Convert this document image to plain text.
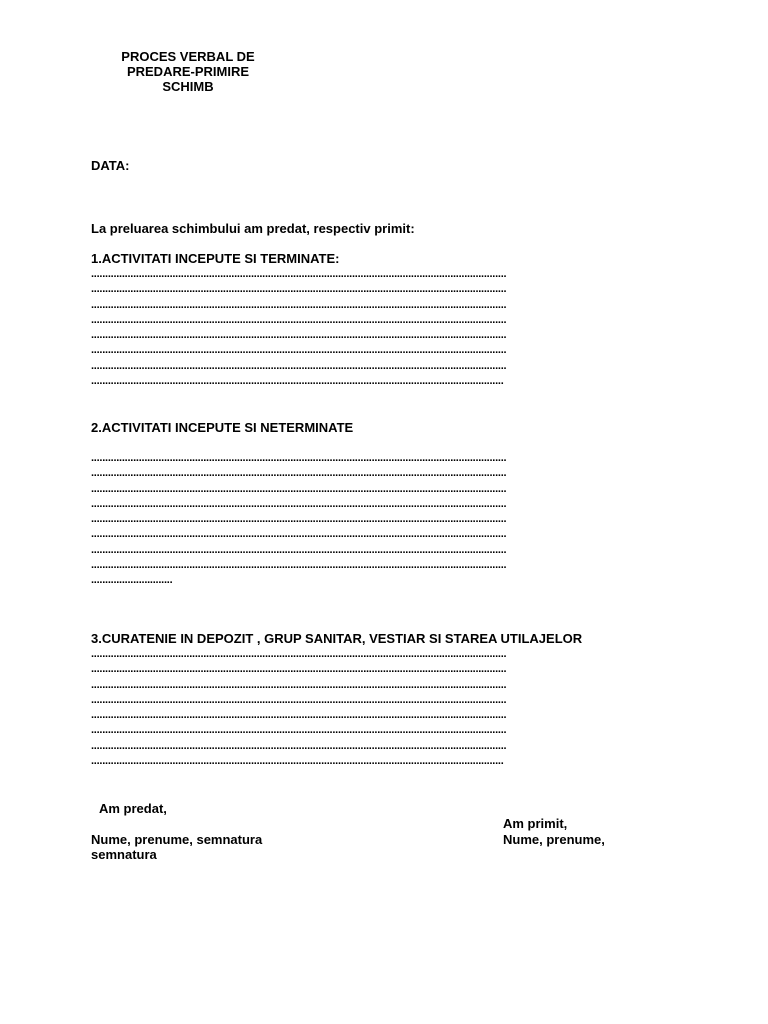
PROCES VERBAL DE
PREDARE-PRIMIRE
SCHIMB
DATA:
La preluarea schimbului am predat, respectiv primit:
1.ACTIVITATI INCEPUTE SI TERMINATE:
....................................................................................................................................................
....................................................................................................................................................
....................................................................................................................................................
....................................................................................................................................................
....................................................................................................................................................
....................................................................................................................................................
....................................................................................................................................................
...................................................................................................................................................
2.ACTIVITATI INCEPUTE SI NETERMINATE
....................................................................................................................................................
....................................................................................................................................................
....................................................................................................................................................
....................................................................................................................................................
....................................................................................................................................................
....................................................................................................................................................
....................................................................................................................................................
....................................................................................................................................................
.............................
3.CURATENIE IN DEPOZIT , GRUP SANITAR, VESTIAR SI STAREA UTILAJELOR
....................................................................................................................................................
....................................................................................................................................................
....................................................................................................................................................
....................................................................................................................................................
....................................................................................................................................................
....................................................................................................................................................
....................................................................................................................................................
...................................................................................................................................................
Am predat,
Nume, prenume, semnatura
semnatura
Am primit,
Nume, prenume,
